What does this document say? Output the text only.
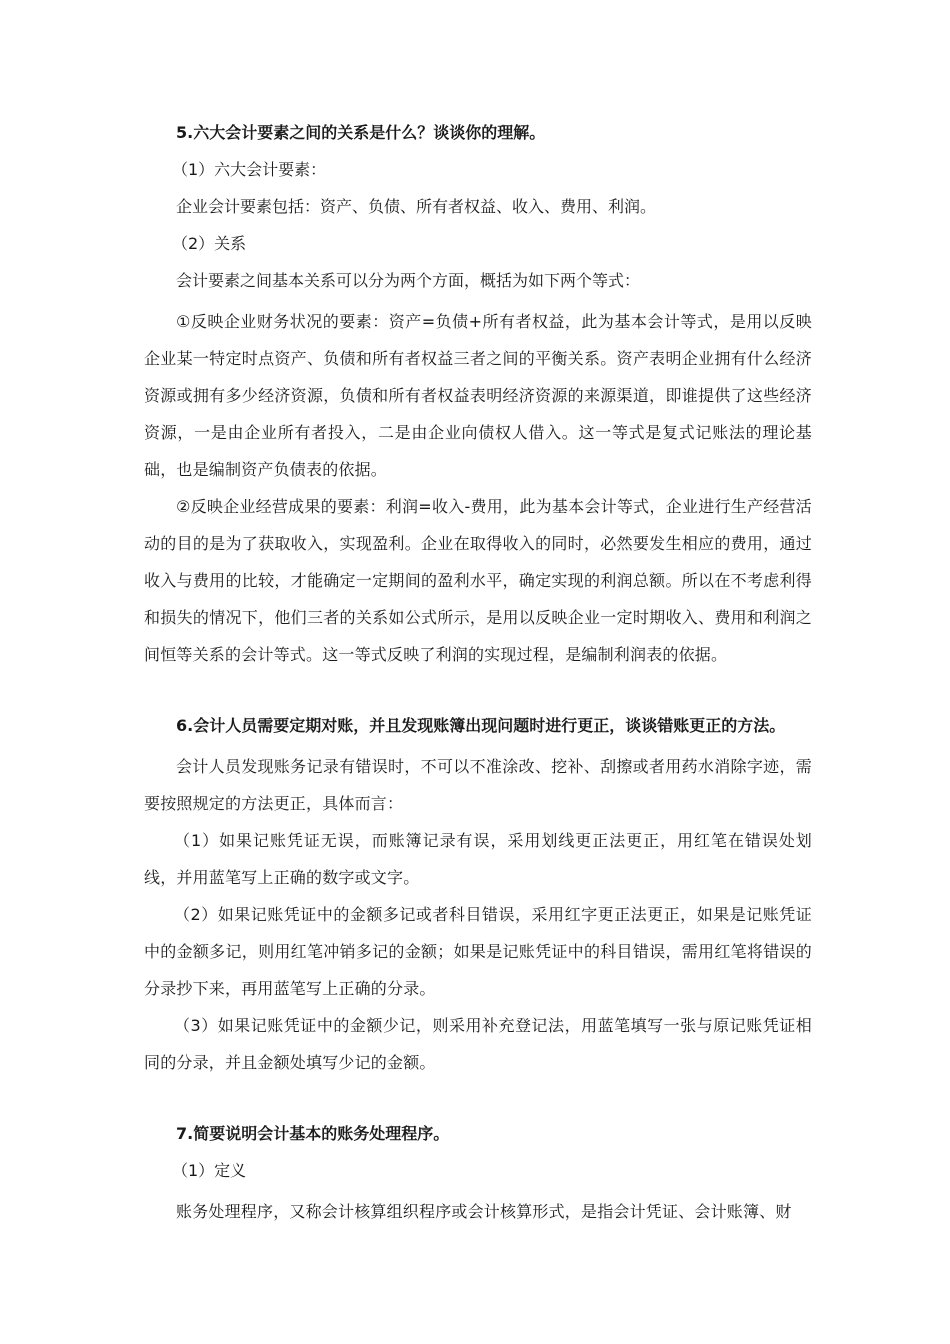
5.六大会计要素之间的关系是什么？谈谈你的理解。
（1）六大会计要素：
企业会计要素包括：资产、负债、所有者权益、收入、费用、利润。
（2）关系
会计要素之间基本关系可以分为两个方面，概括为如下两个等式：

①反映企业财务状况的要素：资产=负债+所有者权益，此为基本会计等式，是用以反映企业某一特定时点资产、负债和所有者权益三者之间的平衡关系。资产表明企业拥有什么经济资源或拥有多少经济资源，负债和所有者权益表明经济资源的来源渠道，即谁提供了这些经济资源，一是由企业所有者投入，二是由企业向债权人借入。这一等式是复式记账法的理论基础，也是编制资产负债表的依据。

②反映企业经营成果的要素：利润=收入-费用，此为基本会计等式，企业进行生产经营活动的目的是为了获取收入，实现盈利。企业在取得收入的同时，必然要发生相应的费用，通过收入与费用的比较，才能确定一定期间的盈利水平，确定实现的利润总额。所以在不考虑利得和损失的情况下，他们三者的关系如公式所示，是用以反映企业一定时期收入、费用和利润之间恒等关系的会计等式。这一等式反映了利润的实现过程，是编制利润表的依据。

6.会计人员需要定期对账，并且发现账簿出现问题时进行更正，谈谈错账更正的方法。

会计人员发现账务记录有错误时，不可以不准涂改、挖补、刮擦或者用药水消除字迹，需要按照规定的方法更正，具体而言：

（1）如果记账凭证无误，而账簿记录有误，采用划线更正法更正，用红笔在错误处划线，并用蓝笔写上正确的数字或文字。

（2）如果记账凭证中的金额多记或者科目错误，采用红字更正法更正，如果是记账凭证中的金额多记，则用红笔冲销多记的金额；如果是记账凭证中的科目错误，需用红笔将错误的分录抄下来，再用蓝笔写上正确的分录。

（3）如果记账凭证中的金额少记，则采用补充登记法，用蓝笔填写一张与原记账凭证相同的分录，并且金额处填写少记的金额。

7.简要说明会计基本的账务处理程序。
（1）定义

账务处理程序，又称会计核算组织程序或会计核算形式，是指会计凭证、会计账簿、财
